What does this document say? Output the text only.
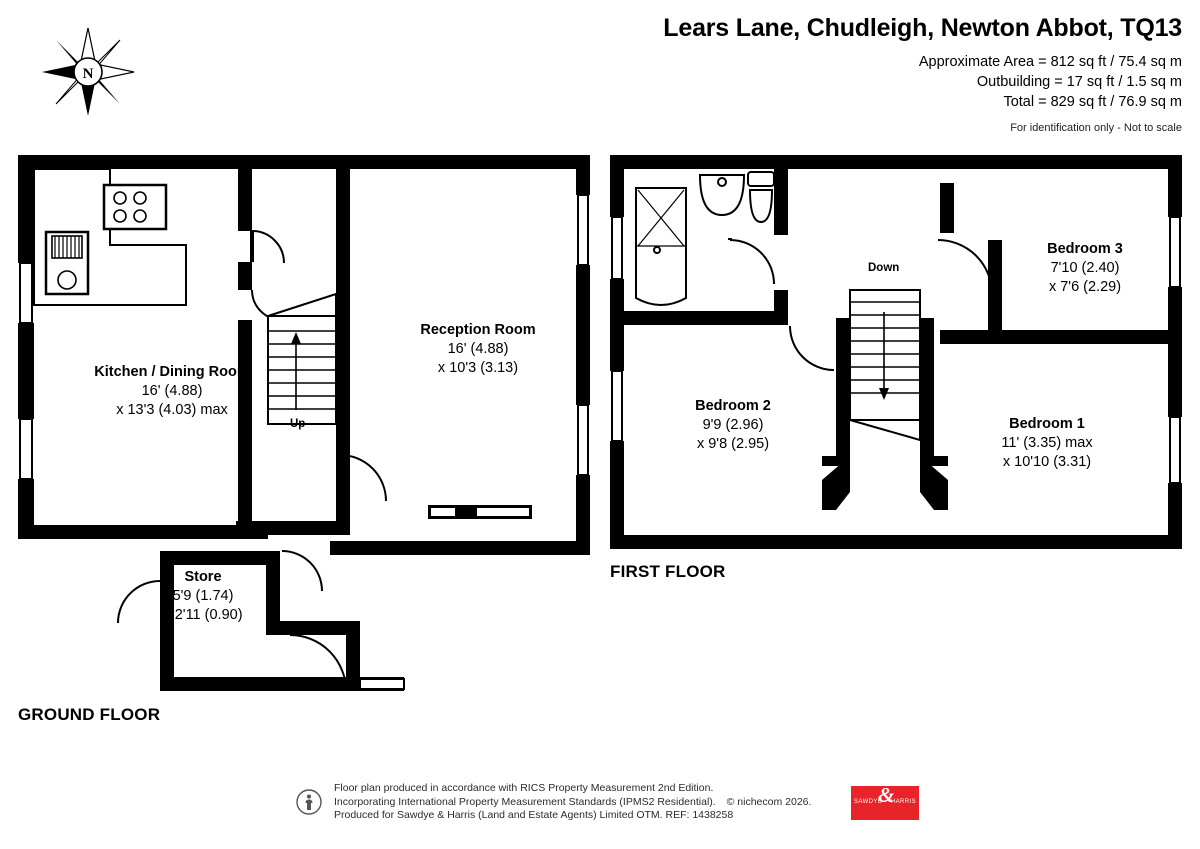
Lears Lane, Chudleigh, Newton Abbot, TQ13
Approximate Area = 812 sq ft / 75.4 sq m
Outbuilding = 17 sq ft / 1.5 sq m
Total = 829 sq ft / 76.9 sq m
For identification only - Not to scale
N
Kitchen / Dining Room
16' (4.88)
x 13'3 (4.03) max
Reception Room
16' (4.88)
x 10'3 (3.13)
Store
5'9 (1.74)
x 2'11 (0.90)
Bedroom 3
7'10 (2.40)
x 7'6 (2.29)
Bedroom 2
9'9 (2.96)
x 9'8 (2.95)
Bedroom 1
11' (3.35) max
x 10'10 (3.31)
Up
Down
GROUND FLOOR
FIRST FLOOR
Floor plan produced in accordance with RICS Property Measurement 2nd Edition.
Incorporating International Property Measurement Standards (IPMS2 Residential). © nichecom 2026.
Produced for Sawdye & Harris (Land and Estate Agents) Limited OTM. REF: 1438258
SAWDYE
&
HARRIS
